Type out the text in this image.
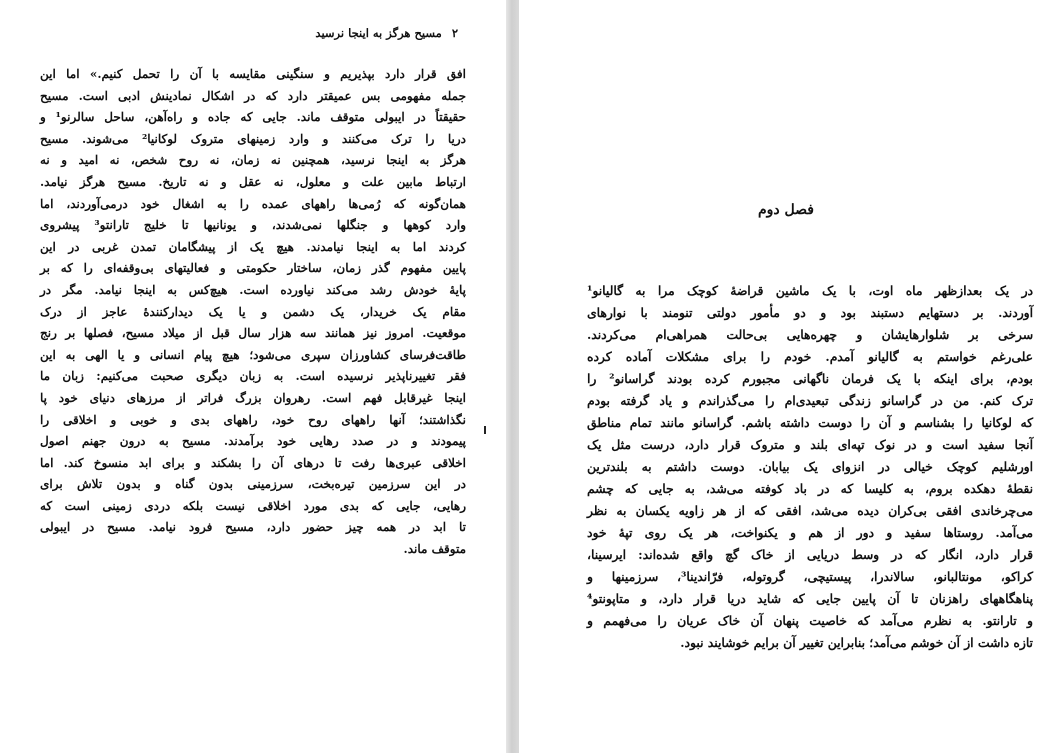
۲مسیح هرگز به اینجا نرسید
افق قرار دارد بپذیریم و سنگینی مقایسه با آن را تحمل کنیم.» اما این
جمله مفهومی بس عمیقتر دارد که در اشکال نمادینش ادبی است. مسیح
حقیقتاً در ایبولی متوقف ماند. جایی که جاده و راه‌آهن، ساحل سالرنو¹ و
دریا را ترک می‌کنند و وارد زمینهای متروک لوکانیا² می‌شوند. مسیح
هرگز به اینجا نرسید، همچنین نه زمان، نه روح شخص، نه امید و نه
ارتباط مابین علت و معلول، نه عقل و نه تاریخ. مسیح هرگز نیامد.
همان‌گونه که رُمی‌ها راههای عمده را به اشغال خود درمی‌آوردند، اما
وارد کوهها و جنگلها نمی‌شدند، و یونانیها تا خلیج تارانتو³ پیشروی
کردند اما به اینجا نیامدند. هیچ یک از پیشگامان تمدن غربی در این
پایین مفهوم گذر زمان، ساختار حکومتی و فعالیتهای بی‌وقفه‌ای را که بر
پایهٔ خودش رشد می‌کند نیاورده است. هیچ‌کس به اینجا نیامد. مگر در
مقام یک خریدار، یک دشمن و یا یک دیدارکنندهٔ عاجز از درک
موقعیت. امروز نیز همانند سه هزار سال قبل از میلاد مسیح، فصلها بر رنج
طاقت‌فرسای کشاورزان سپری می‌شود؛ هیچ پیام انسانی و یا الهی به این
فقر تغییرناپذیر نرسیده است. به زبان دیگری صحبت می‌کنیم: زبان ما
اینجا غیرقابل فهم است. رهروان بزرگ فراتر از مرزهای دنیای خود پا
نگذاشتند؛ آنها راههای روح خود، راههای بدی و خوبی و اخلاقی را
پیمودند و در صدد رهایی خود برآمدند. مسیح به درون جهنم اصول
اخلاقی عبری‌ها رفت تا درهای آن را بشکند و برای ابد منسوخ کند. اما
در این سرزمین تیره‌بخت، سرزمینی بدون گناه و بدون تلاش برای
رهایی، جایی که بدی مورد اخلاقی نیست بلکه دردی زمینی است که
تا ابد در همه چیز حضور دارد، مسیح فرود نیامد. مسیح در ایبولی
متوقف ماند.
فصل دوم
در یک بعدازظهر ماه اوت، با یک ماشین قراضهٔ کوچک مرا به گالیانو¹
آوردند. بر دستهایم دستبند بود و دو مأمور دولتی تنومند با نوارهای
سرخی بر شلوارهایشان و چهره‌هایی بی‌حالت همراهی‌ام می‌کردند.
علی‌رغم خواستم به گالیانو آمدم. خودم را برای مشکلات آماده کرده
بودم، برای اینکه با یک فرمان ناگهانی مجبورم کرده بودند گراسانو² را
ترک کنم. من در گراسانو زندگی تبعیدی‌ام را می‌گذراندم و یاد گرفته بودم
که لوکانیا را بشناسم و آن را دوست داشته باشم. گراسانو مانند تمام مناطق
آنجا سفید است و در نوک تپه‌ای بلند و متروک قرار دارد، درست مثل یک
اورشلیم کوچک خیالی در انزوای یک بیابان. دوست داشتم به بلندترین
نقطهٔ دهکده بروم، به کلیسا که در باد کوفته می‌شد، به جایی که چشم
می‌چرخاندی افقی بی‌کران دیده می‌شد، افقی که از هر زاویه یکسان به نظر
می‌آمد. روستاها سفید و دور از هم و یکنواخت، هر یک روی تپهٔ خود
قرار دارد، انگار که در وسط دریایی از خاک گچ واقع شده‌اند: ایرسینا،
کراکو، مونتالبانو، سالاندرا، پیستیچی، گروتوله، فرّاندینا³، سرزمینها و
پناهگاههای راهزنان تا آن پایین جایی که شاید دریا قرار دارد، و متاپونتو⁴
و تارانتو. به نظرم می‌آمد که خاصیت پنهان آن خاک عریان را می‌فهمم و
تازه داشت از آن خوشم می‌آمد؛ بنابراین تغییر آن برایم خوشایند نبود.
